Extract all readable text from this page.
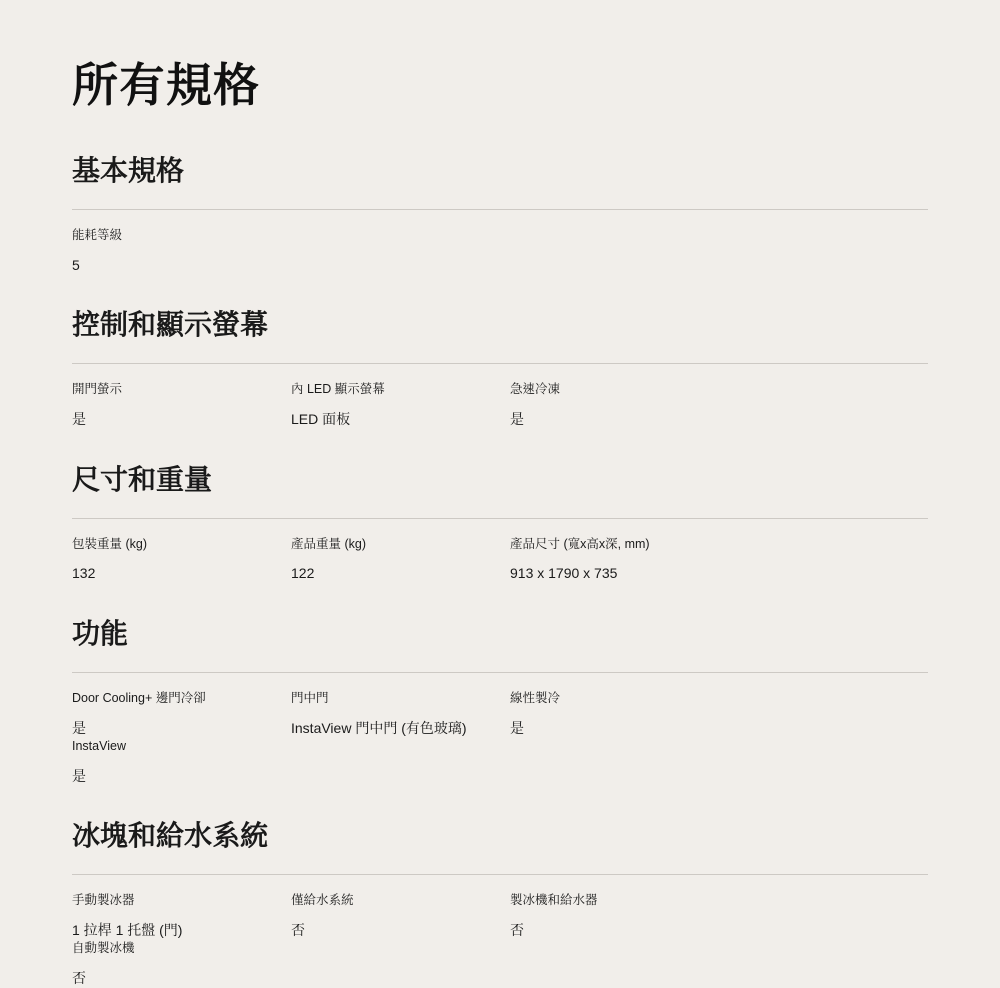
所有規格
基本規格
能耗等級
5
控制和顯示螢幕
開門螢示
是
內 LED 顯示螢幕
LED 面板
急速冷凍
是
尺寸和重量
包裝重量 (kg)
132
產品重量 (kg)
122
產品尺寸 (寬x高x深, mm)
913 x 1790 x 735
功能
Door Cooling+ 邊門冷卻
是
門中門
InstaView 門中門 (有色玻璃)
線性製冷
是
InstaView
是
冰塊和給水系統
手動製冰器
1 拉桿 1 托盤 (門)
僅給水系統
否
製冰機和給水器
否
自動製冰機
否
